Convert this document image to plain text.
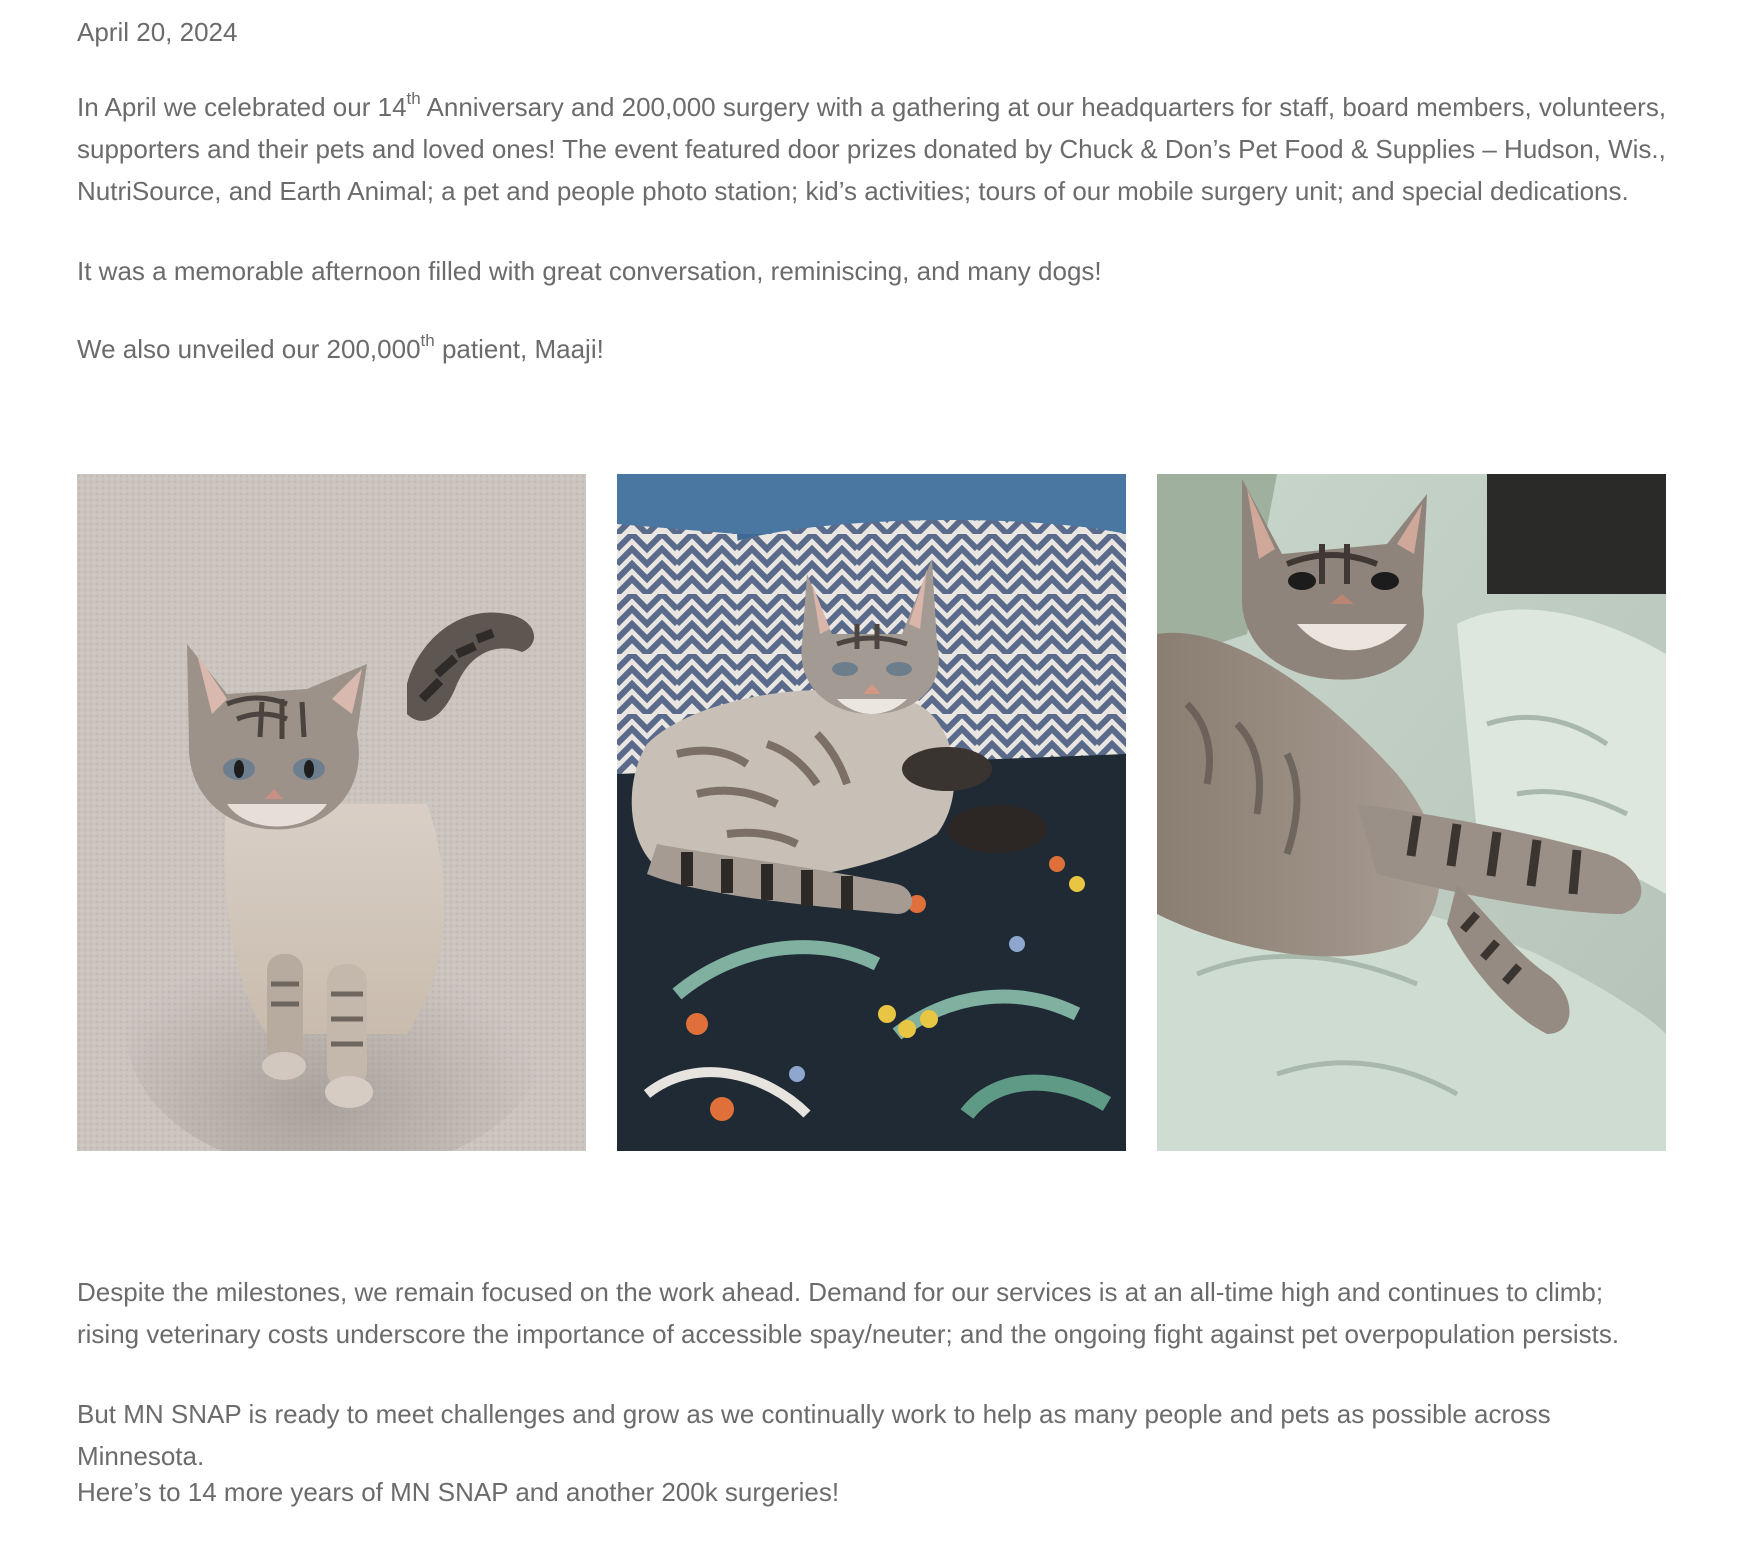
April 20, 2024

In April we celebrated our 14th Anniversary and 200,000 surgery with a gathering at our headquarters for staff, board members, volunteers, supporters and their pets and loved ones! The event featured door prizes donated by Chuck & Don’s Pet Food & Supplies – Hudson, Wis., NutriSource, and Earth Animal; a pet and people photo station; kid’s activities; tours of our mobile surgery unit; and special dedications.

It was a memorable afternoon filled with great conversation, reminiscing, and many dogs!

We also unveiled our 200,000th patient, Maaji!

Despite the milestones, we remain focused on the work ahead. Demand for our services is at an all-time high and continues to climb; rising veterinary costs underscore the importance of accessible spay/neuter; and the ongoing fight against pet overpopulation persists.

But MN SNAP is ready to meet challenges and grow as we continually work to help as many people and pets as possible across Minnesota.

Here’s to 14 more years of MN SNAP and another 200k surgeries!
